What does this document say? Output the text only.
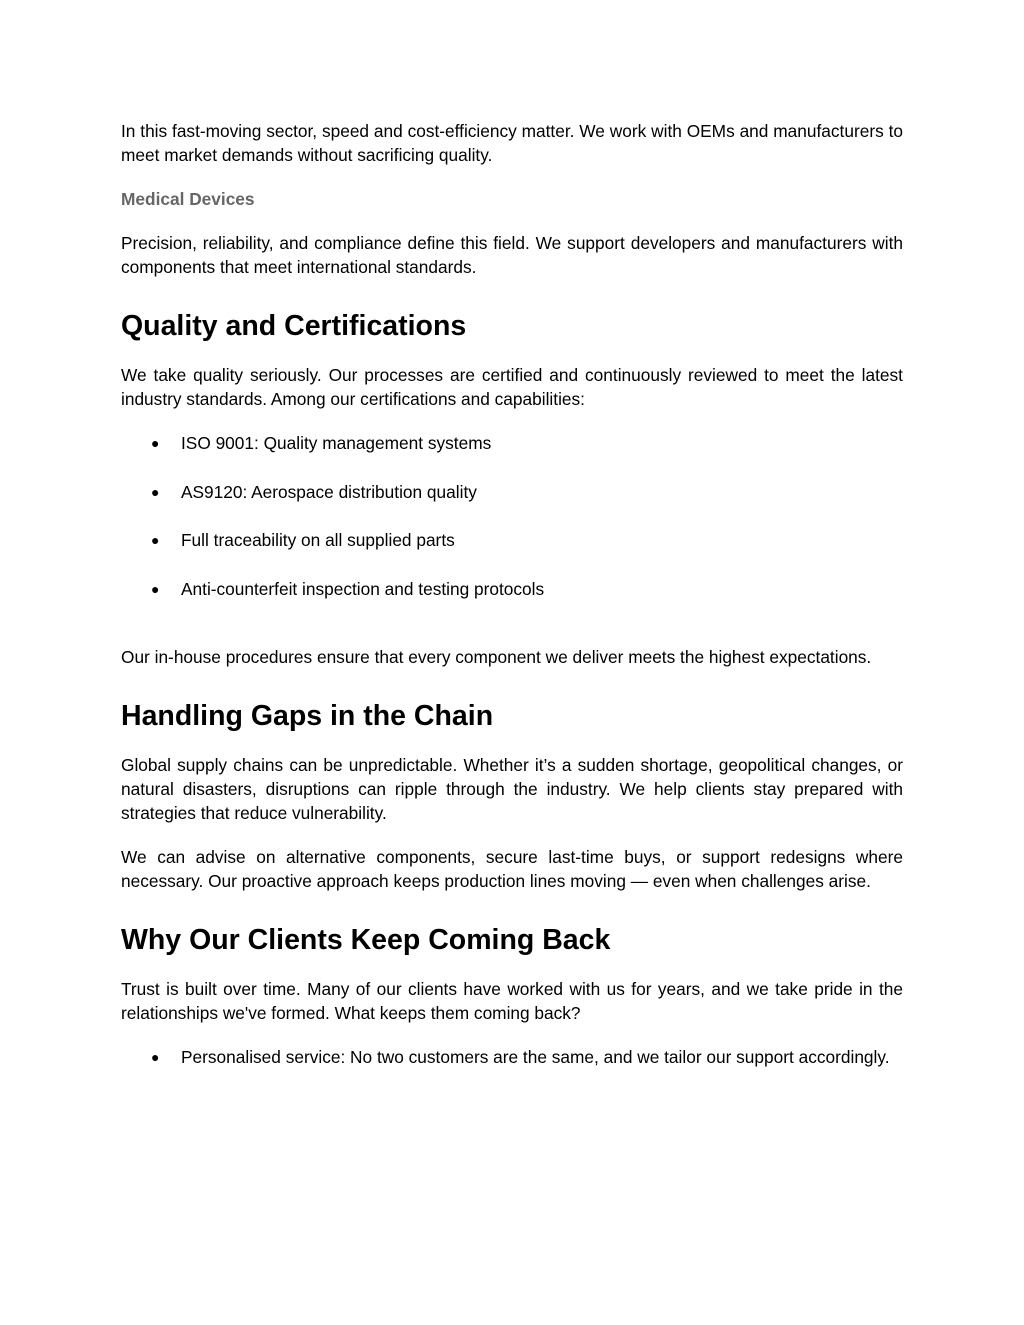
In this fast-moving sector, speed and cost-efficiency matter. We work with OEMs and manufacturers to meet market demands without sacrificing quality.

Medical Devices

Precision, reliability, and compliance define this field. We support developers and manufacturers with components that meet international standards.

Quality and Certifications

We take quality seriously. Our processes are certified and continuously reviewed to meet the latest industry standards. Among our certifications and capabilities:

● ISO 9001: Quality management systems
● AS9120: Aerospace distribution quality
● Full traceability on all supplied parts
● Anti-counterfeit inspection and testing protocols

Our in-house procedures ensure that every component we deliver meets the highest expectations.

Handling Gaps in the Chain

Global supply chains can be unpredictable. Whether it’s a sudden shortage, geopolitical changes, or natural disasters, disruptions can ripple through the industry. We help clients stay prepared with strategies that reduce vulnerability.

We can advise on alternative components, secure last-time buys, or support redesigns where necessary. Our proactive approach keeps production lines moving — even when challenges arise.

Why Our Clients Keep Coming Back

Trust is built over time. Many of our clients have worked with us for years, and we take pride in the relationships we've formed. What keeps them coming back?

● Personalised service: No two customers are the same, and we tailor our support accordingly.
